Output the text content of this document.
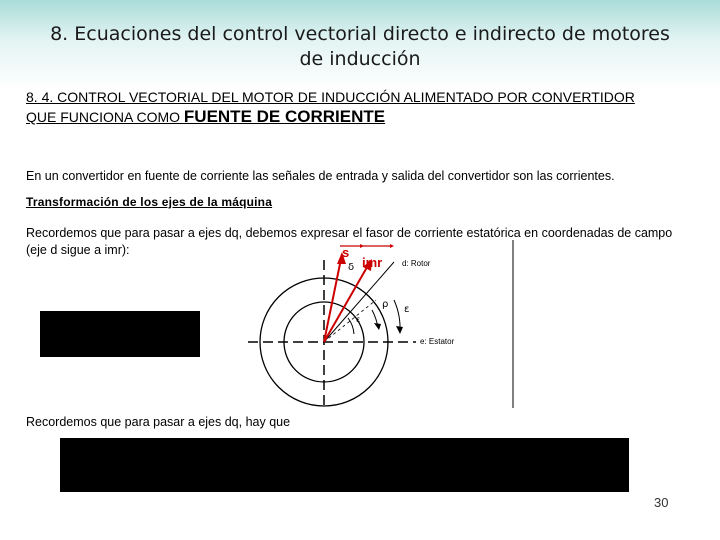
8. Ecuaciones del control vectorial directo e indirecto de motores de inducción
8. 4. CONTROL VECTORIAL DEL MOTOR DE INDUCCIÓN ALIMENTADO POR CONVERTIDOR QUE FUNCIONA COMO FUENTE DE CORRIENTE
En un convertidor en fuente de corriente las señales de entrada y salida del convertidor son las corrientes.
Transformación de los ejes de la máquina
Recordemos que para pasar a ejes dq, debemos expresar el fasor de corriente estatórica en coordenadas de campo (eje d sigue a imr):	s
imr
δ	d: Rotor
ρ ε
ε
e: Estator
Recordemos que para pasar a ejes dq, hay que
30
